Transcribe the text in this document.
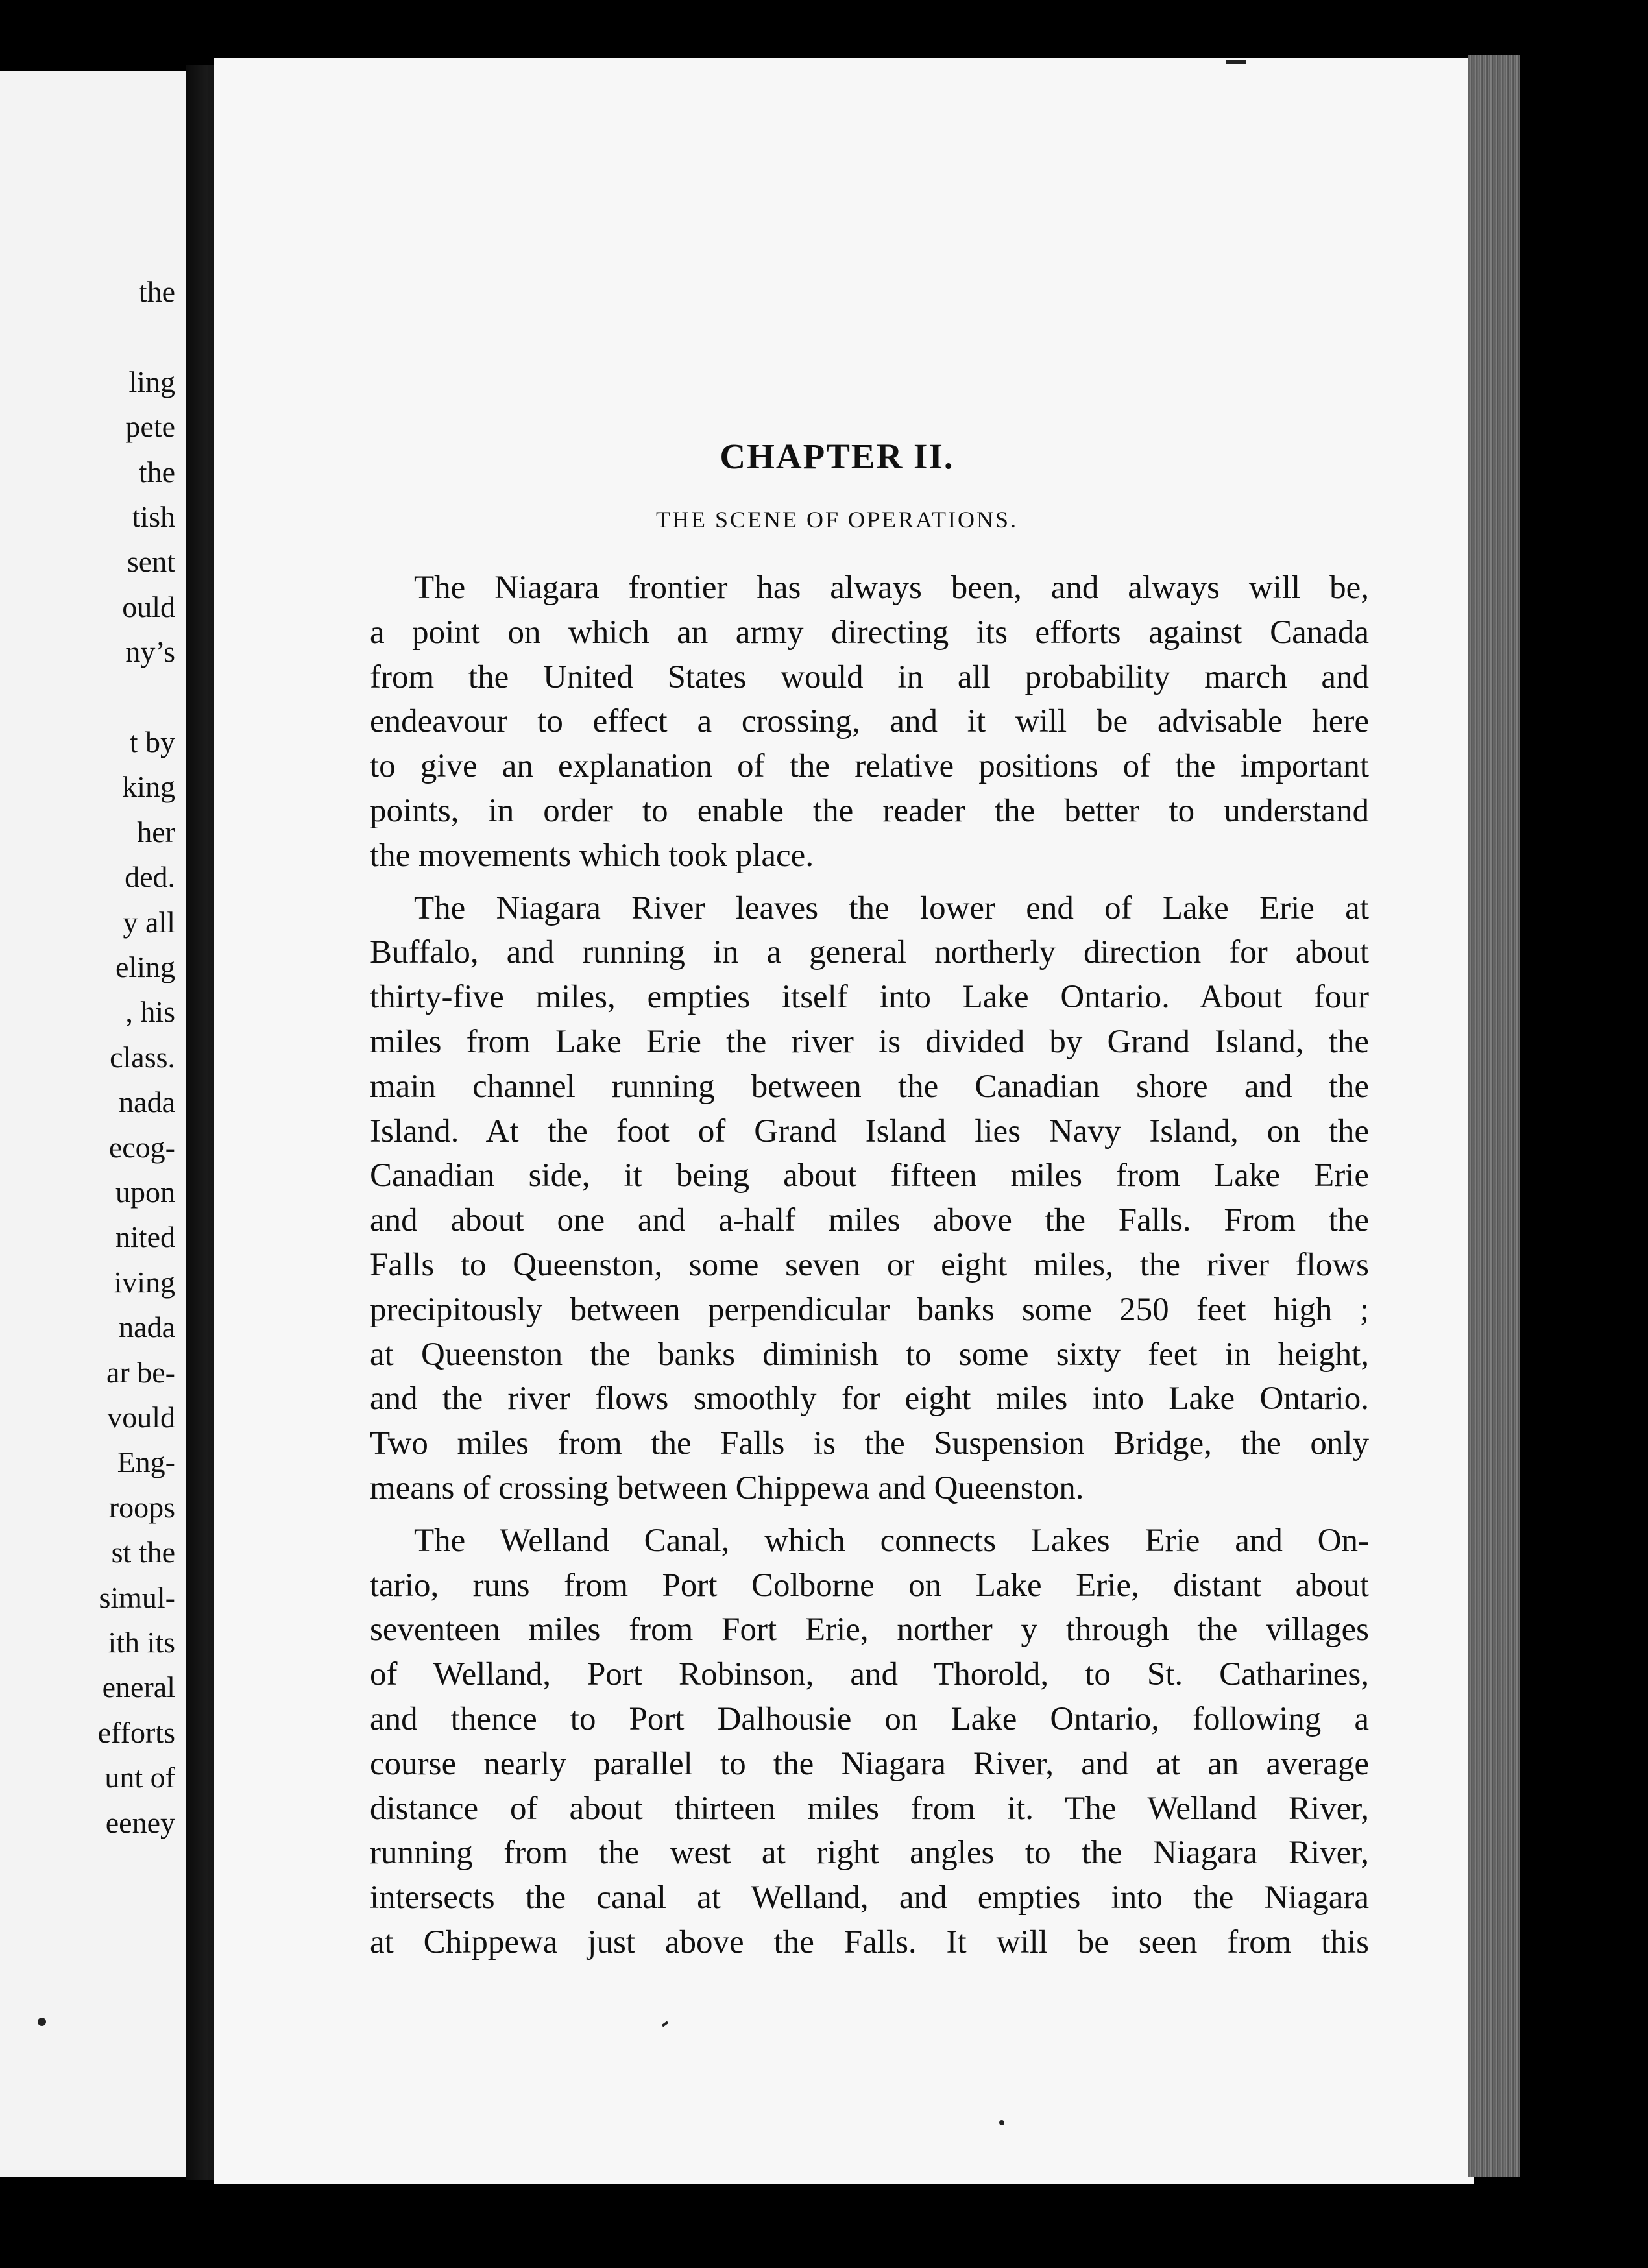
the
ling
pete
the
tish
sent
ould
ny’s
t by
king
her
ded.
y all
eling
, his
class.
nada
ecog-
upon
nited
iving
nada
ar be-
vould
Eng-
roops
st the
simul-
ith its
eneral
efforts
unt of
eeney
CHAPTER II.
THE SCENE OF OPERATIONS.
The Niagara frontier has always been, and always will be,
a point on which an army directing its efforts against Canada
from the United States would in all probability march and
endeavour to effect a crossing, and it will be advisable here
to give an explanation of the relative positions of the important
points, in order to enable the reader the better to understand
the movements which took place.
The Niagara River leaves the lower end of Lake Erie at
Buffalo, and running in a general northerly direction for about
thirty-five miles, empties itself into Lake Ontario. About four
miles from Lake Erie the river is divided by Grand Island, the
main channel running between the Canadian shore and the
Island. At the foot of Grand Island lies Navy Island, on the
Canadian side, it being about fifteen miles from Lake Erie
and about one and a-half miles above the Falls. From the
Falls to Queenston, some seven or eight miles, the river flows
precipitously between perpendicular banks some 250 feet high ;
at Queenston the banks diminish to some sixty feet in height,
and the river flows smoothly for eight miles into Lake Ontario.
Two miles from the Falls is the Suspension Bridge, the only
means of crossing between Chippewa and Queenston.
The Welland Canal, which connects Lakes Erie and On-
tario, runs from Port Colborne on Lake Erie, distant about
seventeen miles from Fort Erie, norther y through the villages
of Welland, Port Robinson, and Thorold, to St. Catharines,
and thence to Port Dalhousie on Lake Ontario, following a
course nearly parallel to the Niagara River, and at an average
distance of about thirteen miles from it. The Welland River,
running from the west at right angles to the Niagara River,
intersects the canal at Welland, and empties into the Niagara
at Chippewa just above the Falls. It will be seen from this
